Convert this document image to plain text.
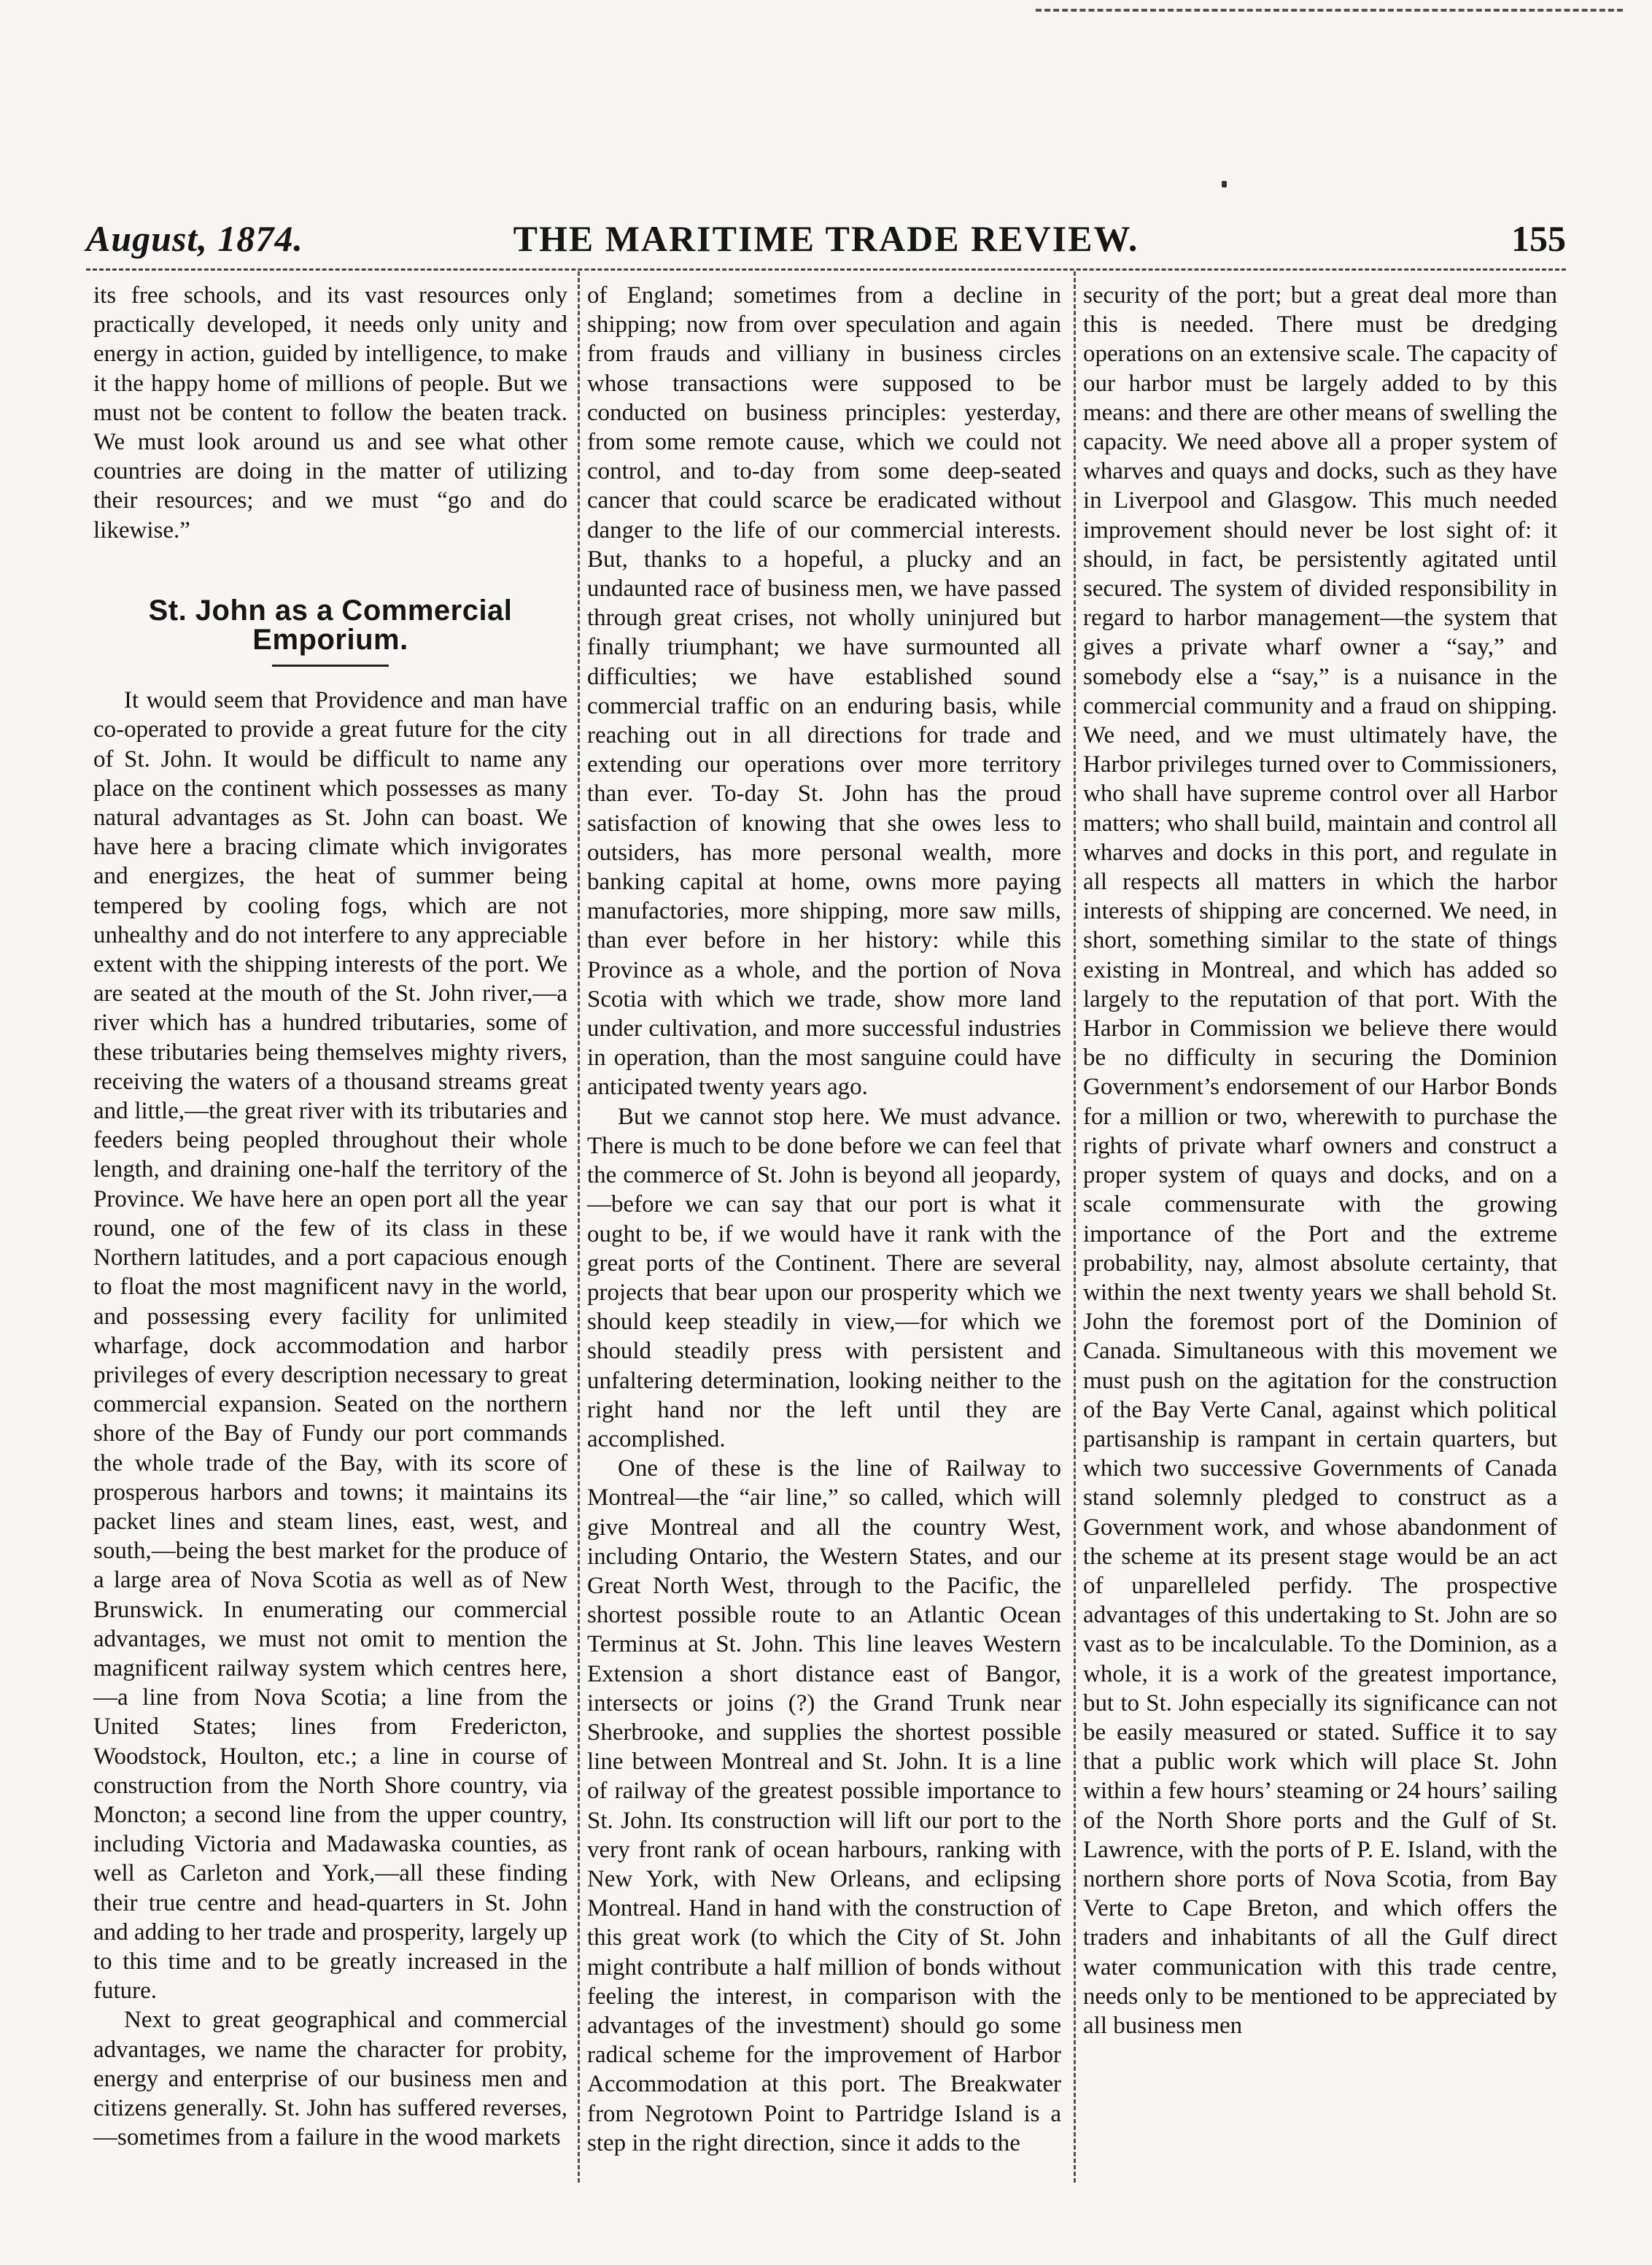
August, 1874.	THE MARITIME TRADE REVIEW.	155

its free schools, and its vast resources only practically developed, it needs only unity and energy in action, guided by intelligence, to make it the happy home of millions of people. But we must not be content to follow the beaten track. We must look around us and see what other countries are doing in the matter of utilizing their resources; and we must “go and do likewise.”

St. John as a Commercial Emporium.

It would seem that Providence and man have co-operated to provide a great future for the city of St. John. It would be difficult to name any place on the continent which possesses as many natural advantages as St. John can boast. We have here a bracing climate which invigorates and energizes, the heat of summer being tempered by cooling fogs, which are not unhealthy and do not interfere to any appreciable extent with the shipping interests of the port. We are seated at the mouth of the St. John river,—a river which has a hundred tributaries, some of these tributaries being themselves mighty rivers, receiving the waters of a thousand streams great and little,—the great river with its tributaries and feeders being peopled throughout their whole length, and draining one-half the territory of the Province. We have here an open port all the year round, one of the few of its class in these Northern latitudes, and a port capacious enough to float the most magnificent navy in the world, and possessing every facility for unlimited wharfage, dock accommodation and harbor privileges of every description necessary to great commercial expansion. Seated on the northern shore of the Bay of Fundy our port commands the whole trade of the Bay, with its score of prosperous harbors and towns; it maintains its packet lines and steam lines, east, west, and south,—being the best market for the produce of a large area of Nova Scotia as well as of New Brunswick. In enumerating our commercial advantages, we must not omit to mention the magnificent railway system which centres here,—a line from Nova Scotia; a line from the United States; lines from Fredericton, Woodstock, Houlton, etc.; a line in course of construction from the North Shore country, via Moncton; a second line from the upper country, including Victoria and Madawaska counties, as well as Carleton and York,—all these finding their true centre and head-quarters in St. John and adding to her trade and prosperity, largely up to this time and to be greatly increased in the future.

Next to great geographical and commercial advantages, we name the character for probity, energy and enterprise of our business men and citizens generally. St. John has suffered reverses,—sometimes from a failure in the wood markets

of England; sometimes from a decline in shipping; now from over speculation and again from frauds and villiany in business circles whose transactions were supposed to be conducted on business principles: yesterday, from some remote cause, which we could not control, and to-day from some deep-seated cancer that could scarce be eradicated without danger to the life of our commercial interests. But, thanks to a hopeful, a plucky and an undaunted race of business men, we have passed through great crises, not wholly uninjured but finally triumphant; we have surmounted all difficulties; we have established sound commercial traffic on an enduring basis, while reaching out in all directions for trade and extending our operations over more territory than ever. To-day St. John has the proud satisfaction of knowing that she owes less to outsiders, has more personal wealth, more banking capital at home, owns more paying manufactories, more shipping, more saw mills, than ever before in her history: while this Province as a whole, and the portion of Nova Scotia with which we trade, show more land under cultivation, and more successful industries in operation, than the most sanguine could have anticipated twenty years ago.

But we cannot stop here. We must advance. There is much to be done before we can feel that the commerce of St. John is beyond all jeopardy,—before we can say that our port is what it ought to be, if we would have it rank with the great ports of the Continent. There are several projects that bear upon our prosperity which we should keep steadily in view,—for which we should steadily press with persistent and unfaltering determination, looking neither to the right hand nor the left until they are accomplished.

One of these is the line of Railway to Montreal—the “air line,” so called, which will give Montreal and all the country West, including Ontario, the Western States, and our Great North West, through to the Pacific, the shortest possible route to an Atlantic Ocean Terminus at St. John. This line leaves Western Extension a short distance east of Bangor, intersects or joins (?) the Grand Trunk near Sherbrooke, and supplies the shortest possible line between Montreal and St. John. It is a line of railway of the greatest possible importance to St. John. Its construction will lift our port to the very front rank of ocean harbours, ranking with New York, with New Orleans, and eclipsing Montreal. Hand in hand with the construction of this great work (to which the City of St. John might contribute a half million of bonds without feeling the interest, in comparison with the advantages of the investment) should go some radical scheme for the improvement of Harbor Accommodation at this port. The Breakwater from Negrotown Point to Partridge Island is a step in the right direction, since it adds to the

security of the port; but a great deal more than this is needed. There must be dredging operations on an extensive scale. The capacity of our harbor must be largely added to by this means: and there are other means of swelling the capacity. We need above all a proper system of wharves and quays and docks, such as they have in Liverpool and Glasgow. This much needed improvement should never be lost sight of: it should, in fact, be persistently agitated until secured. The system of divided responsibility in regard to harbor management—the system that gives a private wharf owner a “say,” and somebody else a “say,” is a nuisance in the commercial community and a fraud on shipping. We need, and we must ultimately have, the Harbor privileges turned over to Commissioners, who shall have supreme control over all Harbor matters; who shall build, maintain and control all wharves and docks in this port, and regulate in all respects all matters in which the harbor interests of shipping are concerned. We need, in short, something similar to the state of things existing in Montreal, and which has added so largely to the reputation of that port. With the Harbor in Commission we believe there would be no difficulty in securing the Dominion Government’s endorsement of our Harbor Bonds for a million or two, wherewith to purchase the rights of private wharf owners and construct a proper system of quays and docks, and on a scale commensurate with the growing importance of the Port and the extreme probability, nay, almost absolute certainty, that within the next twenty years we shall behold St. John the foremost port of the Dominion of Canada. Simultaneous with this movement we must push on the agitation for the construction of the Bay Verte Canal, against which political partisanship is rampant in certain quarters, but which two successive Governments of Canada stand solemnly pledged to construct as a Government work, and whose abandonment of the scheme at its present stage would be an act of unparelleled perfidy. The prospective advantages of this undertaking to St. John are so vast as to be incalculable. To the Dominion, as a whole, it is a work of the greatest importance, but to St. John especially its significance can not be easily measured or stated. Suffice it to say that a public work which will place St. John within a few hours’ steaming or 24 hours’ sailing of the North Shore ports and the Gulf of St. Lawrence, with the ports of P. E. Island, with the northern shore ports of Nova Scotia, from Bay Verte to Cape Breton, and which offers the traders and inhabitants of all the Gulf direct water communication with this trade centre, needs only to be mentioned to be appreciated by all business men
